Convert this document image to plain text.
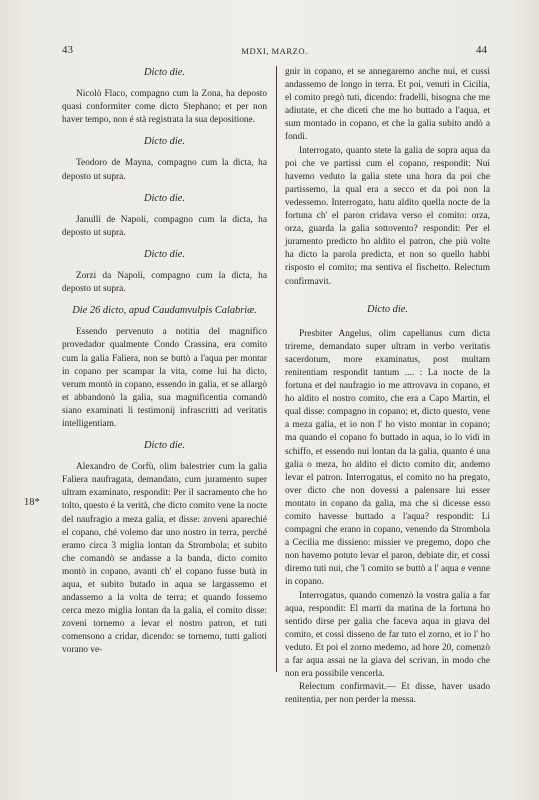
43	MDXI, MARZO.	44
18*

Dicto die.

Nicolò Flaco, compagno cum la Zona, ha deposto quasi conformiter come dicto Stephano; et per non haver tempo, non é stà registrata la sua depositione.

Dicto die.

Teodoro de Mayna, compagno cum la dicta, ha deposto ut supra.

Dicto die.

Janulli de Napoli, compagno cum la dicta, ha deposto ut supra.

Dicto die.

Zorzi da Napoli, compagno cum la dicta, ha deposto ut supra.

Die 26 dicto, apud Caudamvulpis Calabriæ.

Essendo pervenuto a notitia del magnifico provedador qualmente Condo Crassina, era comito cum la galia Faliera, non se buttò a l'aqua per montar in copano per scampar la vita, come lui ha dicto, verum montò in copano, essendo in galia, et se allargò et abbandonò la galia, sua magnificentia comandò siano examinati li testimonij infrascritti ad veritatis intelligentiam.

Dicto die.

Alexandro de Corfù, olim balestrier cum la galia Faliera naufragata, demandato, cum juramento super ultram examinato, respondit: Per il sacramento che ho tolto, questo é la verità, che dicto comito vene la nocte del naufragio a meza galia, et disse: zoveni aparechié el copano, ché volemo dar uno nostro in terra, perché eramo circa 3 miglia lontan da Strombola; et subito che comandò se andasse a la banda, dicto comito montò in copano, avanti ch' el copano fusse butà in aqua, et subito butado in aqua se largassemo et andassemo a la volta de terra; et quando fossemo cerca mezo miglia lontan da la galia, el comito disse: zoveni tornemo a levar el nostro patron, et tuti comensono a cridar, dicendo: se tornemo, tutti galioti vorano ve-

gnir in copano, et se annegaremo anche nui, et cussi andassemo de longo in terra. Et poi, venuti in Cicilia, el comito pregò tuti, dicendo: fradelli, bisogna che me adiutate, et che diceti che me ho buttado a l'aqua, et sum montado in copano, et che la galia subito andò a fondi.

Interrogato, quanto stete la galia de sopra aqua da poi che ve partissi cum el copano, respondit: Nui havemo veduto la galia stete una hora da poi che partissemo, la qual era a secco et da poi non la vedessemo. Interrogato, hatu aldito quella nocte de la fortuna ch' el paron cridava verso el comito: orza, orza, guarda la galia sottovento? respondit: Per el juramento predicto ho aldito el patron, che più volte ha dicto la parola predicta, et non so quello habbi risposto el comito; ma sentiva el fischetto. Relectum confirmavit.

Dicto die.

Presbiter Angelus, olim capellanus cum dicta trireme, demandato super ultram in verbo veritatis sacerdotum, more examinatus, post multam renitentiam respondit tantum .... : La nocte de la fortuna et del naufragio io me attrovava in copano, et ho aldito el nostro comito, che era a Capo Martin, el qual disse: compagno in copano; et, dicto questo, vene a meza galia, et io non l' ho visto montar in copano; ma quando el copano fo buttado in aqua, io lo vidi in schiffo, et essendo nui lontan da la galia, quanto é una galia o meza, ho aldito el dicto comito dir, andemo levar el patron. Interrogatus, el comito no ha pregato, over dicto che non dovessi a palensare lui esser montato in copano da galia, ma che si dicesse esso comito havesse buttado a l'aqua? respondit: Li compagni che erano in copano, venendo da Strombola a Cecilia me dissieno: missier ve pregemo, dopo che non havemo potuto levar el paron, debiate dir, et cossì diremo tuti nui, che 'l comito se buttò a l' aqua e venne in copano.

Interrogatus, quando comenzò la vostra galia a far aqua, respondit: El marti da matina de la fortuna ho sentido dirse per galia che faceva aqua in giava del comito, et cossì disseno de far tuto el zorno, et io l' ho veduto. Et poi el zorno medemo, ad hore 20, comenzò a far aqua assai ne la giava del scrivan, in modo che non era possibile vencerla.

Relectum confirmavit.— Et disse, haver usado renitentia, per non perder la messa.
